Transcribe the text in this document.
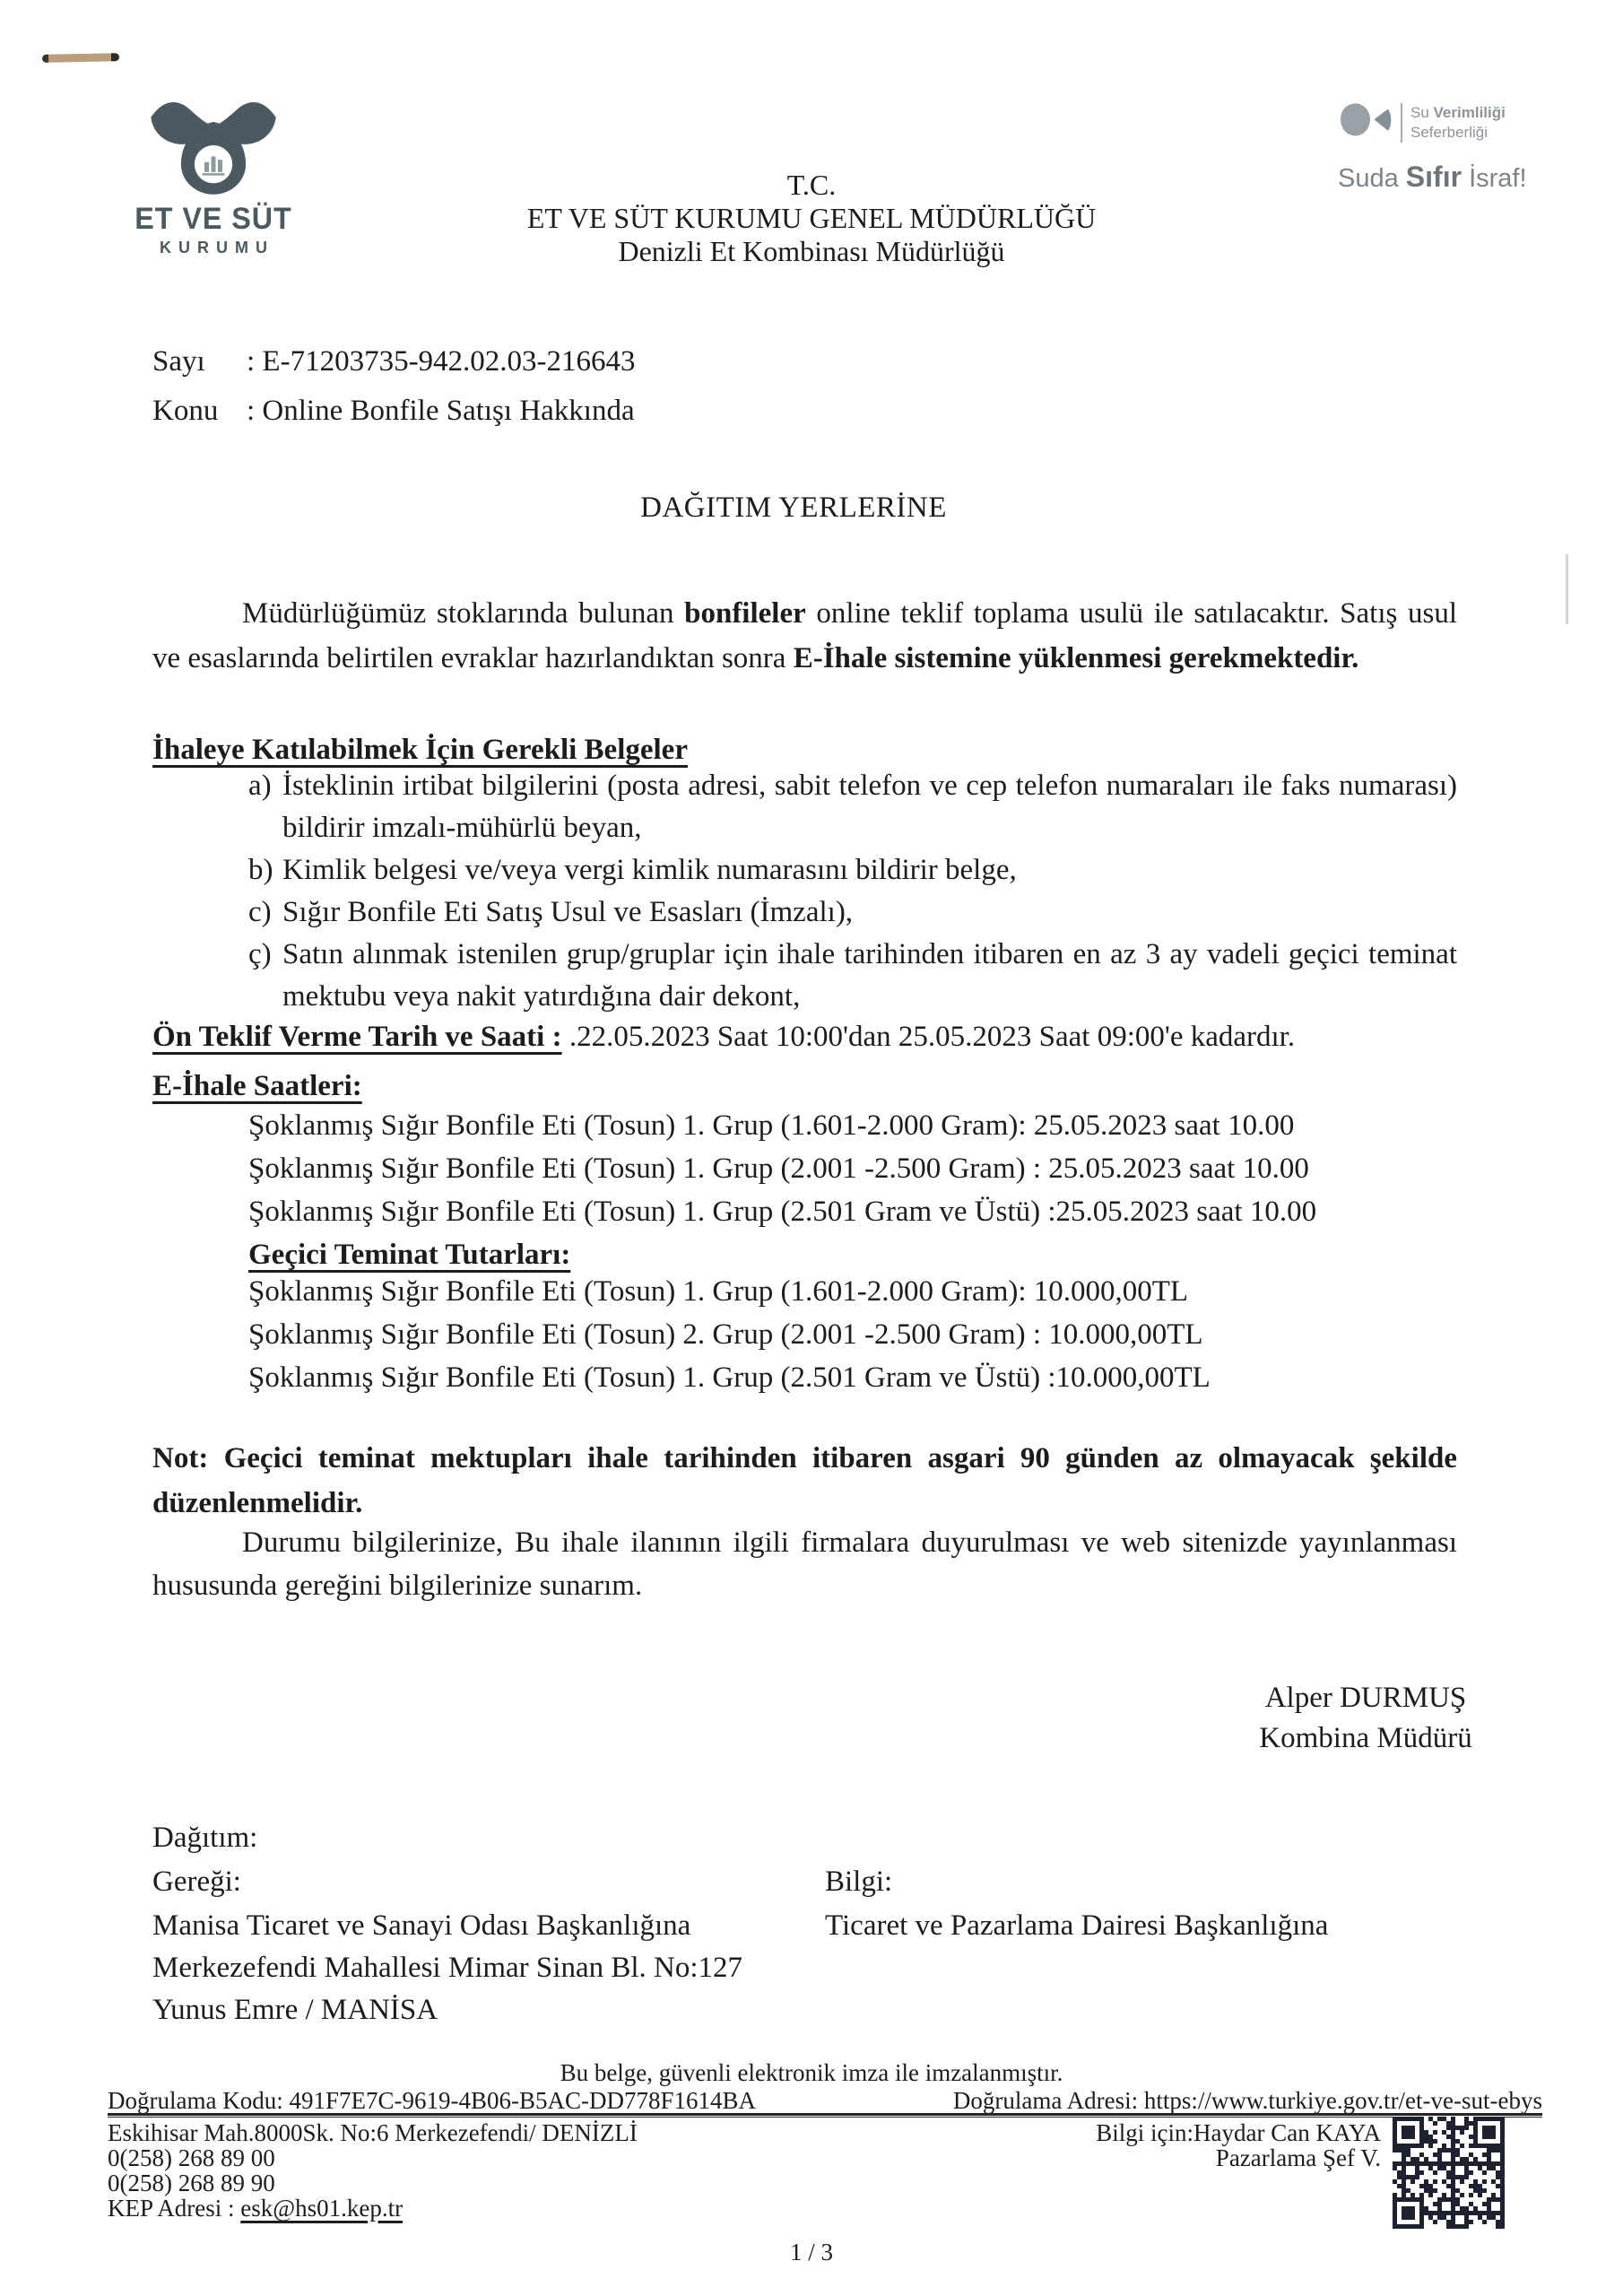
ET VE SÜT
KURUMU
T.C.
ET VE SÜT KURUMU GENEL MÜDÜRLÜĞÜ
Denizli Et Kombinası Müdürlüğü
Su Verimliliği
Seferberliği
Suda Sıfır İsraf!
Sayı : E-71203735-942.02.03-216643
Konu : Online Bonfile Satışı Hakkında
DAĞITIM YERLERİNE
Müdürlüğümüz stoklarında bulunan bonfileler online teklif toplama usulü ile satılacaktır. Satış usul ve esaslarında belirtilen evraklar hazırlandıktan sonra E-İhale sistemine yüklenmesi gerekmektedir.
İhaleye Katılabilmek İçin Gerekli Belgeler
a) İsteklinin irtibat bilgilerini (posta adresi, sabit telefon ve cep telefon numaraları ile faks numarası) bildirir imzalı-mühürlü beyan,
b) Kimlik belgesi ve/veya vergi kimlik numarasını bildirir belge,
c) Sığır Bonfile Eti Satış Usul ve Esasları (İmzalı),
ç) Satın alınmak istenilen grup/gruplar için ihale tarihinden itibaren en az 3 ay vadeli geçici teminat mektubu veya nakit yatırdığına dair dekont,
Ön Teklif Verme Tarih ve Saati : .22.05.2023 Saat 10:00'dan 25.05.2023 Saat 09:00'e kadardır.
E-İhale Saatleri:
Şoklanmış Sığır Bonfile Eti (Tosun) 1. Grup (1.601-2.000 Gram): 25.05.2023 saat 10.00
Şoklanmış Sığır Bonfile Eti (Tosun) 1. Grup (2.001 -2.500 Gram) : 25.05.2023 saat 10.00
Şoklanmış Sığır Bonfile Eti (Tosun) 1. Grup (2.501 Gram ve Üstü) :25.05.2023 saat 10.00
Geçici Teminat Tutarları:
Şoklanmış Sığır Bonfile Eti (Tosun) 1. Grup (1.601-2.000 Gram): 10.000,00TL
Şoklanmış Sığır Bonfile Eti (Tosun) 2. Grup (2.001 -2.500 Gram) : 10.000,00TL
Şoklanmış Sığır Bonfile Eti (Tosun) 1. Grup (2.501 Gram ve Üstü) :10.000,00TL
Not: Geçici teminat mektupları ihale tarihinden itibaren asgari 90 günden az olmayacak şekilde düzenlenmelidir.
Durumu bilgilerinize, Bu ihale ilanının ilgili firmalara duyurulması ve web sitenizde yayınlanması hususunda gereğini bilgilerinize sunarım.
Alper DURMUŞ
Kombina Müdürü
Dağıtım:
Gereği:	Bilgi:
Manisa Ticaret ve Sanayi Odası Başkanlığına
Merkezefendi Mahallesi Mimar Sinan Bl. No:127
Yunus Emre / MANİSA
Ticaret ve Pazarlama Dairesi Başkanlığına
Bu belge, güvenli elektronik imza ile imzalanmıştır.
Doğrulama Kodu: 491F7E7C-9619-4B06-B5AC-DD778F1614BA	Doğrulama Adresi: https://www.turkiye.gov.tr/et-ve-sut-ebys
Eskihisar Mah.8000Sk. No:6 Merkezefendi/ DENİZLİ
0(258) 268 89 00
0(258) 268 89 90
KEP Adresi : esk@hs01.kep.tr
Bilgi için:Haydar Can KAYA
Pazarlama Şef V.
1 / 3
